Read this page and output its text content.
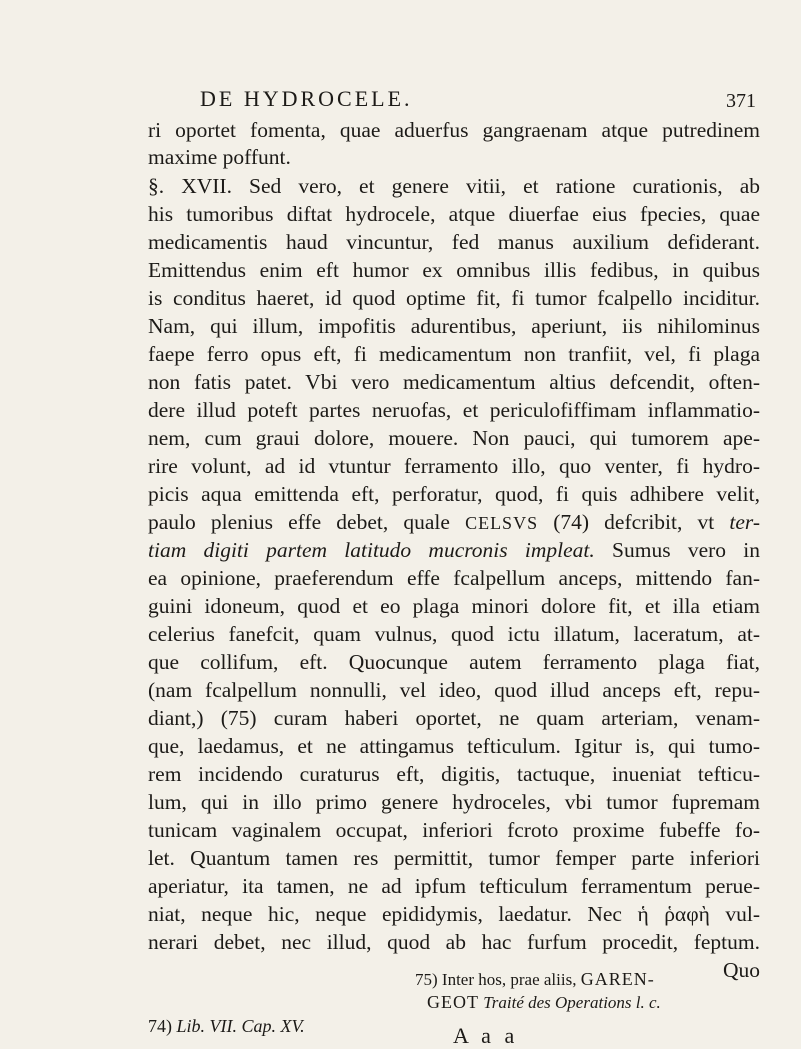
DE HYDROCELE.	371
ri oportet fomenta, quae aduerfus gangraenam atque putredinem
maxime poffunt.
§. XVII. Sed vero, et genere vitii, et ratione curationis, ab
his tumoribus diftat hydrocele, atque diuerfae eius fpecies, quae
medicamentis haud vincuntur, fed manus auxilium defiderant.
Emittendus enim eft humor ex omnibus illis fedibus, in quibus
is conditus haeret, id quod optime fit, fi tumor fcalpello inciditur.
Nam, qui illum, impofitis adurentibus, aperiunt, iis nihilominus
faepe ferro opus eft, fi medicamentum non tranfiit, vel, fi plaga
non fatis patet. Vbi vero medicamentum altius defcendit, often-
dere illud poteft partes neruofas, et periculofiffimam inflammatio-
nem, cum graui dolore, mouere. Non pauci, qui tumorem ape-
rire volunt, ad id vtuntur ferramento illo, quo venter, fi hydro-
picis aqua emittenda eft, perforatur, quod, fi quis adhibere velit,
paulo plenius effe debet, quale CELSVS (74) defcribit, vt ter-
tiam digiti partem latitudo mucronis impleat. Sumus vero in
ea opinione, praeferendum effe fcalpellum anceps, mittendo fan-
guini idoneum, quod et eo plaga minori dolore fit, et illa etiam
celerius fanefcit, quam vulnus, quod ictu illatum, laceratum, at-
que collifum, eft. Quocunque autem ferramento plaga fiat,
(nam fcalpellum nonnulli, vel ideo, quod illud anceps eft, repu-
diant,) (75) curam haberi oportet, ne quam arteriam, venam-
que, laedamus, et ne attingamus tefticulum. Igitur is, qui tumo-
rem incidendo curaturus eft, digitis, tactuque, inueniat tefticu-
lum, qui in illo primo genere hydroceles, vbi tumor fupremam
tunicam vaginalem occupat, inferiori fcroto proxime fubeffe fo-
let. Quantum tamen res permittit, tumor femper parte inferiori
aperiatur, ita tamen, ne ad ipfum tefticulum ferramentum perue-
niat, neque hic, neque epididymis, laedatur. Nec ἡ ῥαφὴ vul-
nerari debet, nec illud, quod ab hac furfum procedit, feptum.
Quo
74) Lib. VII. Cap. XV.
75) Inter hos, prae aliis, GAREN-
GEOT Traité des Operations l. c.
A a a
